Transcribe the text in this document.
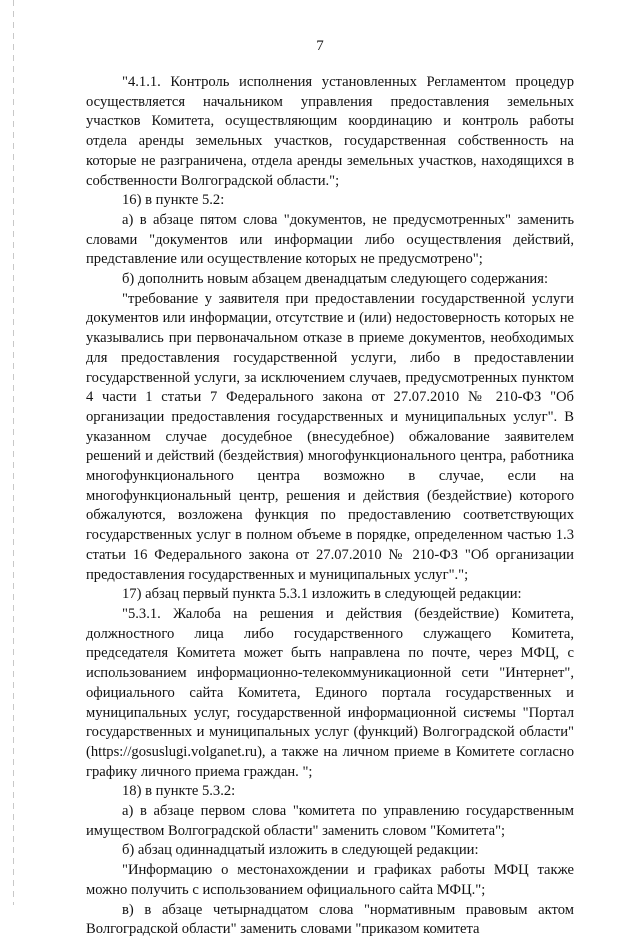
7

"4.1.1. Контроль исполнения установленных Регламентом процедур осуществляется начальником управления предоставления земельных участков Комитета, осуществляющим координацию и контроль работы отдела аренды земельных участков, государственная собственность на которые не разграничена, отдела аренды земельных участков, находящихся в собственности Волгоградской области.";

16) в пункте 5.2:

а) в абзаце пятом слова "документов, не предусмотренных" заменить словами "документов или информации либо осуществления действий, представление или осуществление которых не предусмотрено";

б) дополнить новым абзацем двенадцатым следующего содержания:

"требование у заявителя при предоставлении государственной услуги документов или информации, отсутствие и (или) недостоверность которых не указывались при первоначальном отказе в приеме документов, необходимых для предоставления государственной услуги, либо в предоставлении государственной услуги, за исключением случаев, предусмотренных пунктом 4 части 1 статьи 7 Федерального закона от 27.07.2010 № 210-ФЗ "Об организации предоставления государственных и муниципальных услуг". В указанном случае досудебное (внесудебное) обжалование заявителем решений и действий (бездействия) многофункционального центра, работника многофункционального центра возможно в случае, если на многофункциональный центр, решения и действия (бездействие) которого обжалуются, возложена функция по предоставлению соответствующих государственных услуг в полном объеме в порядке, определенном частью 1.3 статьи 16 Федерального закона от 27.07.2010 № 210-ФЗ "Об организации предоставления государственных и муниципальных услуг".";

17) абзац первый пункта 5.3.1 изложить в следующей редакции:

"5.3.1. Жалоба на решения и действия (бездействие) Комитета, должностного лица либо государственного служащего Комитета, председателя Комитета может быть направлена по почте, через МФЦ, с использованием информационно-телекоммуникационной сети "Интернет", официального сайта Комитета, Единого портала государственных и муниципальных услуг, государственной информационной системы "Портал государственных и муниципальных услуг (функций) Волгоградской области" (https://gosuslugi.volganet.ru), а также на личном приеме в Комитете согласно графику личного приема граждан. ";

18) в пункте 5.3.2:

а) в абзаце первом слова "комитета по управлению государственным имуществом Волгоградской области" заменить словом "Комитета";

б) абзац одиннадцатый изложить в следующей редакции:

"Информацию о местонахождении и графиках работы МФЦ также можно получить с использованием официального сайта МФЦ.";

в) в абзаце четырнадцатом слова "нормативным правовым актом Волгоградской области" заменить словами "приказом комитета
